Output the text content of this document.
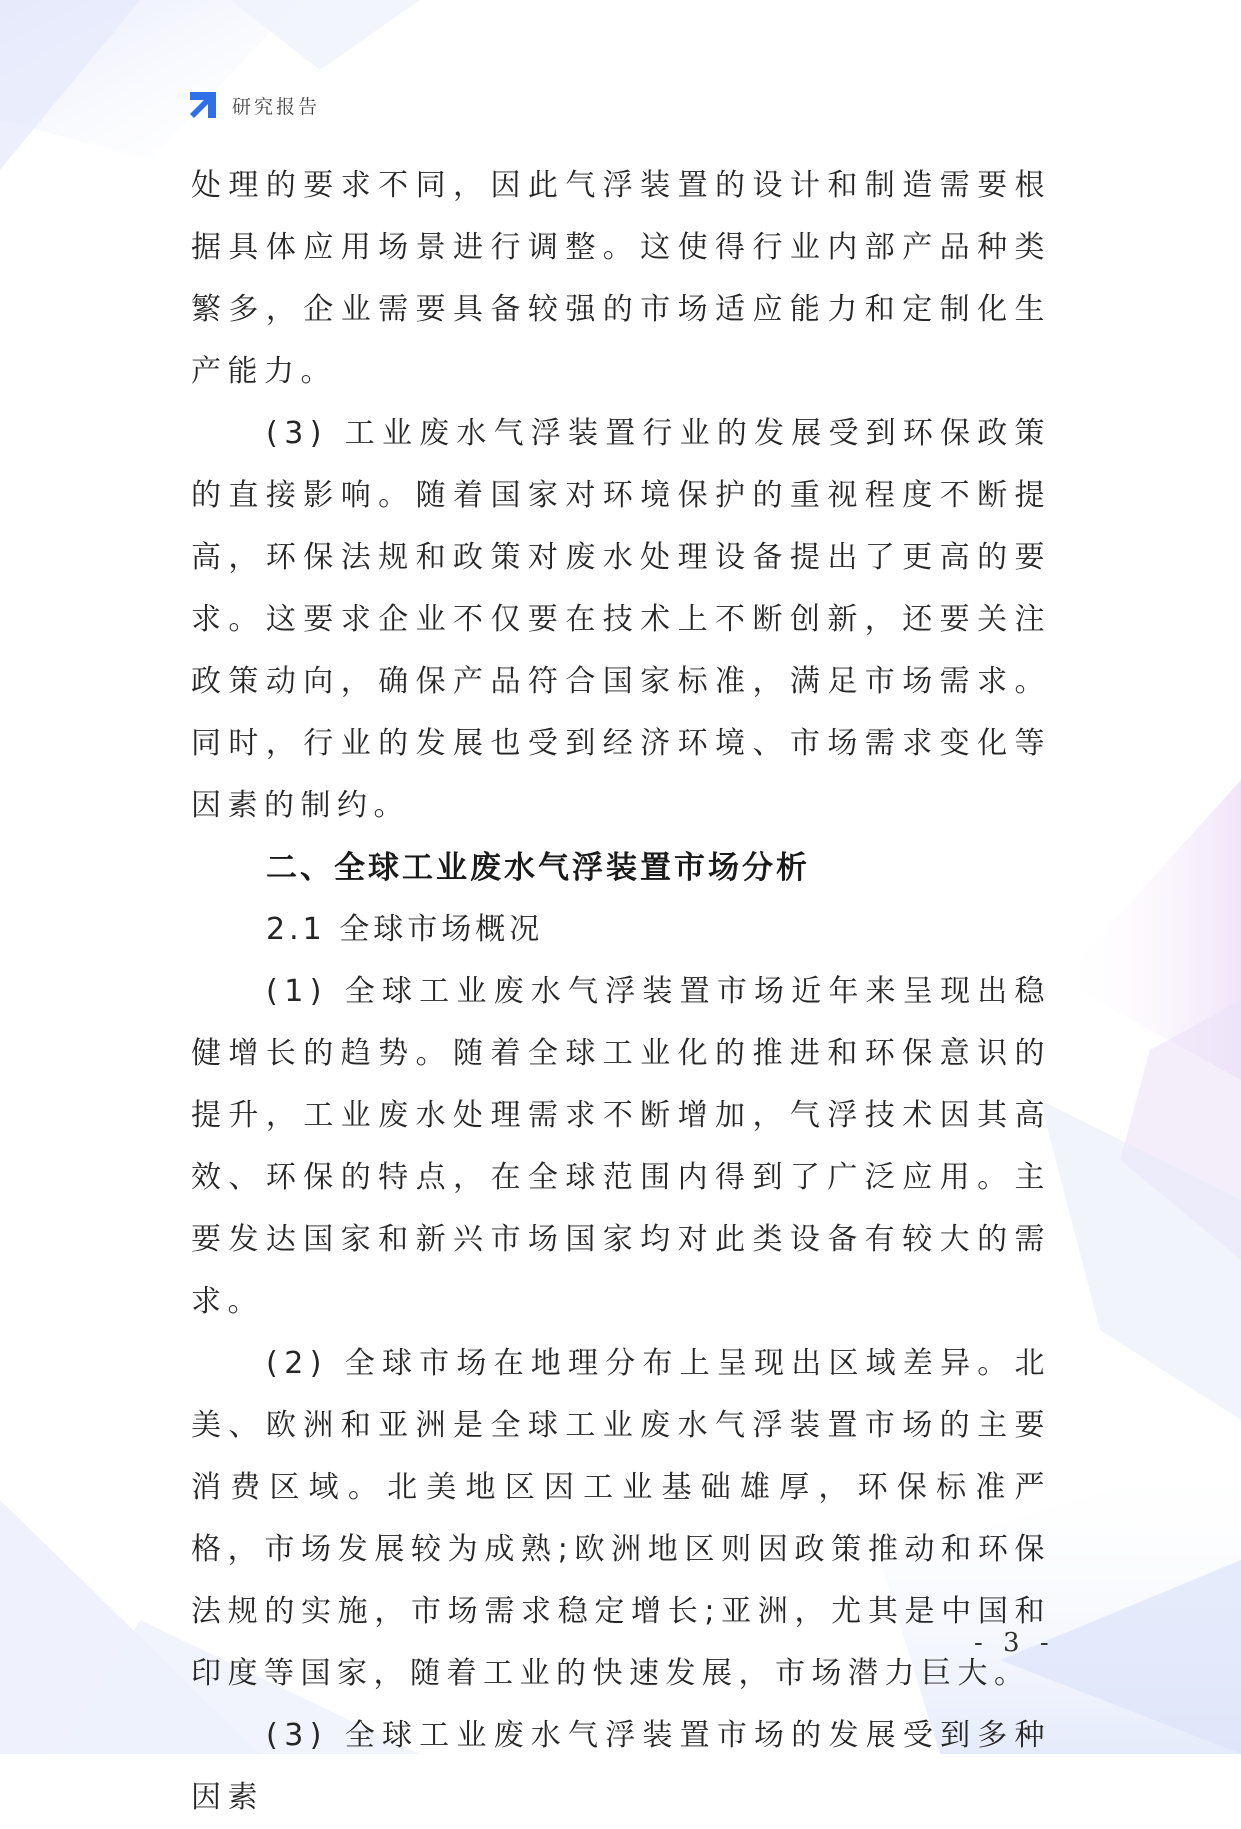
研究报告

处理的要求不同，因此气浮装置的设计和制造需要根据具体应用场景进行调整。这使得行业内部产品种类繁多，企业需要具备较强的市场适应能力和定制化生产能力。

(3) 工业废水气浮装置行业的发展受到环保政策的直接影响。随着国家对环境保护的重视程度不断提高，环保法规和政策对废水处理设备提出了更高的要求。这要求企业不仅要在技术上不断创新，还要关注政策动向，确保产品符合国家标准，满足市场需求。同时，行业的发展也受到经济环境、市场需求变化等因素的制约。

二、全球工业废水气浮装置市场分析

2.1 全球市场概况

(1) 全球工业废水气浮装置市场近年来呈现出稳健增长的趋势。随着全球工业化的推进和环保意识的提升，工业废水处理需求不断增加，气浮技术因其高效、环保的特点，在全球范围内得到了广泛应用。主要发达国家和新兴市场国家均对此类设备有较大的需求。

(2) 全球市场在地理分布上呈现出区域差异。北美、欧洲和亚洲是全球工业废水气浮装置市场的主要消费区域。北美地区因工业基础雄厚，环保标准严格，市场发展较为成熟;欧洲地区则因政策推动和环保法规的实施，市场需求稳定增长;亚洲，尤其是中国和印度等国家，随着工业的快速发展，市场潜力巨大。

(3) 全球工业废水气浮装置市场的发展受到多种因素

- 3 -
